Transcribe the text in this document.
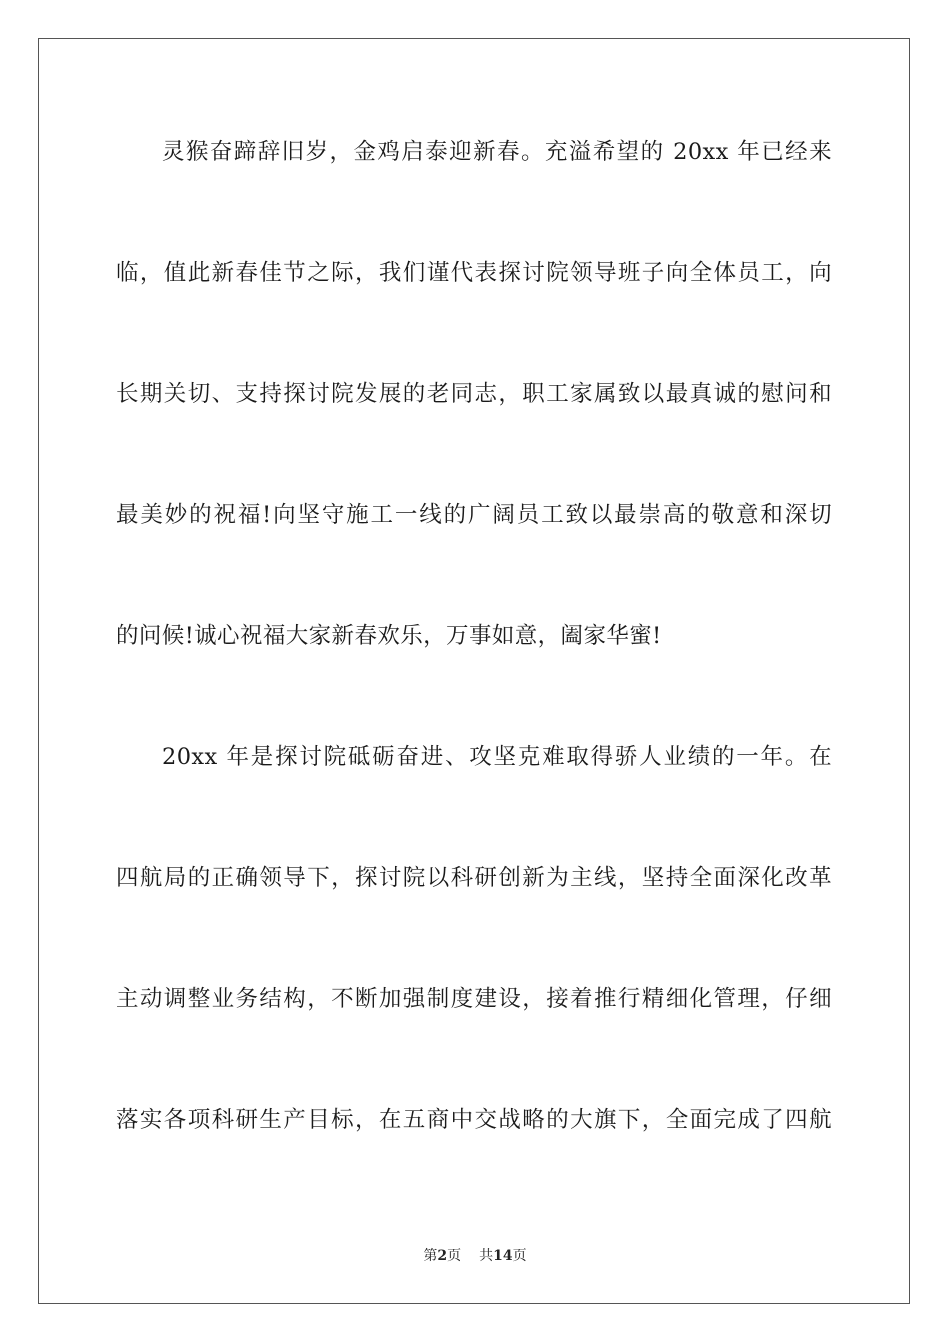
灵猴奋蹄辞旧岁，金鸡启泰迎新春。充溢希望的 20xx 年已经来
临，值此新春佳节之际，我们谨代表探讨院领导班子向全体员工，向
长期关切、支持探讨院发展的老同志，职工家属致以最真诚的慰问和
最美妙的祝福!向坚守施工一线的广阔员工致以最崇高的敬意和深切
的问候!诚心祝福大家新春欢乐，万事如意，阖家华蜜!
20xx 年是探讨院砥砺奋进、攻坚克难取得骄人业绩的一年。在
四航局的正确领导下，探讨院以科研创新为主线，坚持全面深化改革
主动调整业务结构，不断加强制度建设，接着推行精细化管理，仔细
落实各项科研生产目标，在五商中交战略的大旗下，全面完成了四航
第2页 共14页
